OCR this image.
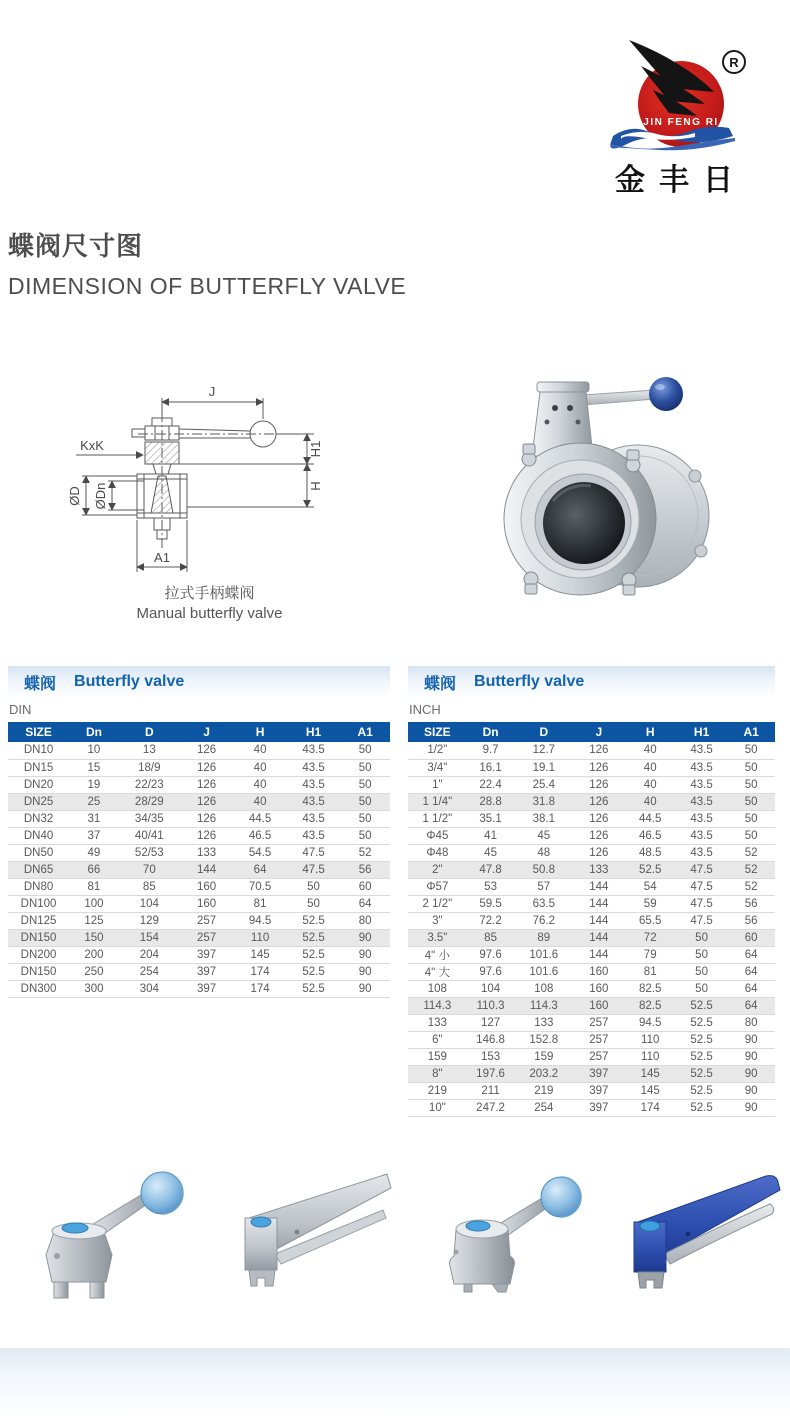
JIN FENG RI
R
金丰日
蝶阀尺寸图
DIMENSION OF BUTTERFLY VALVE
J
KxK	H1
H
ØD ØDn
A1
拉式手柄蝶阀
Manual butterfly valve
蝶阀 Butterfly valve
DIN
SIZE	Dn	D	J	H	H1	A1
DN10	10	13	126	40	43.5	50
DN15	15	18/9	126	40	43.5	50
DN20	19	22/23	126	40	43.5	50
DN25	25	28/29	126	40	43.5	50
DN32	31	34/35	126	44.5	43.5	50
DN40	37	40/41	126	46.5	43.5	50
DN50	49	52/53	133	54.5	47.5	52
DN65	66	70	144	64	47.5	56
DN80	81	85	160	70.5	50	60
DN100	100	104	160	81	50	64
DN125	125	129	257	94.5	52.5	80
DN150	150	154	257	110	52.5	90
DN200	200	204	397	145	52.5	90
DN150	250	254	397	174	52.5	90
DN300	300	304	397	174	52.5	90
蝶阀 Butterfly valve
INCH
SIZE	Dn	D	J	H	H1	A1
1/2"	9.7	12.7	126	40	43.5	50
3/4"	16.1	19.1	126	40	43.5	50
1"	22.4	25.4	126	40	43.5	50
1 1/4"	28.8	31.8	126	40	43.5	50
1 1/2"	35.1	38.1	126	44.5	43.5	50
Φ45	41	45	126	46.5	43.5	50
Φ48	45	48	126	48.5	43.5	52
2"	47.8	50.8	133	52.5	47.5	52
Φ57	53	57	144	54	47.5	52
2 1/2"	59.5	63.5	144	59	47.5	56
3"	72.2	76.2	144	65.5	47.5	56
3.5"	85	89	144	72	50	60
4" 小	97.6	101.6	144	79	50	64
4" 大	97.6	101.6	160	81	50	64
108	104	108	160	82.5	50	64
114.3	110.3	114.3	160	82.5	52.5	64
133	127	133	257	94.5	52.5	80
6"	146.8	152.8	257	110	52.5	90
159	153	159	257	110	52.5	90
8"	197.6	203.2	397	145	52.5	90
219	211	219	397	145	52.5	90
10"	247.2	254	397	174	52.5	90
